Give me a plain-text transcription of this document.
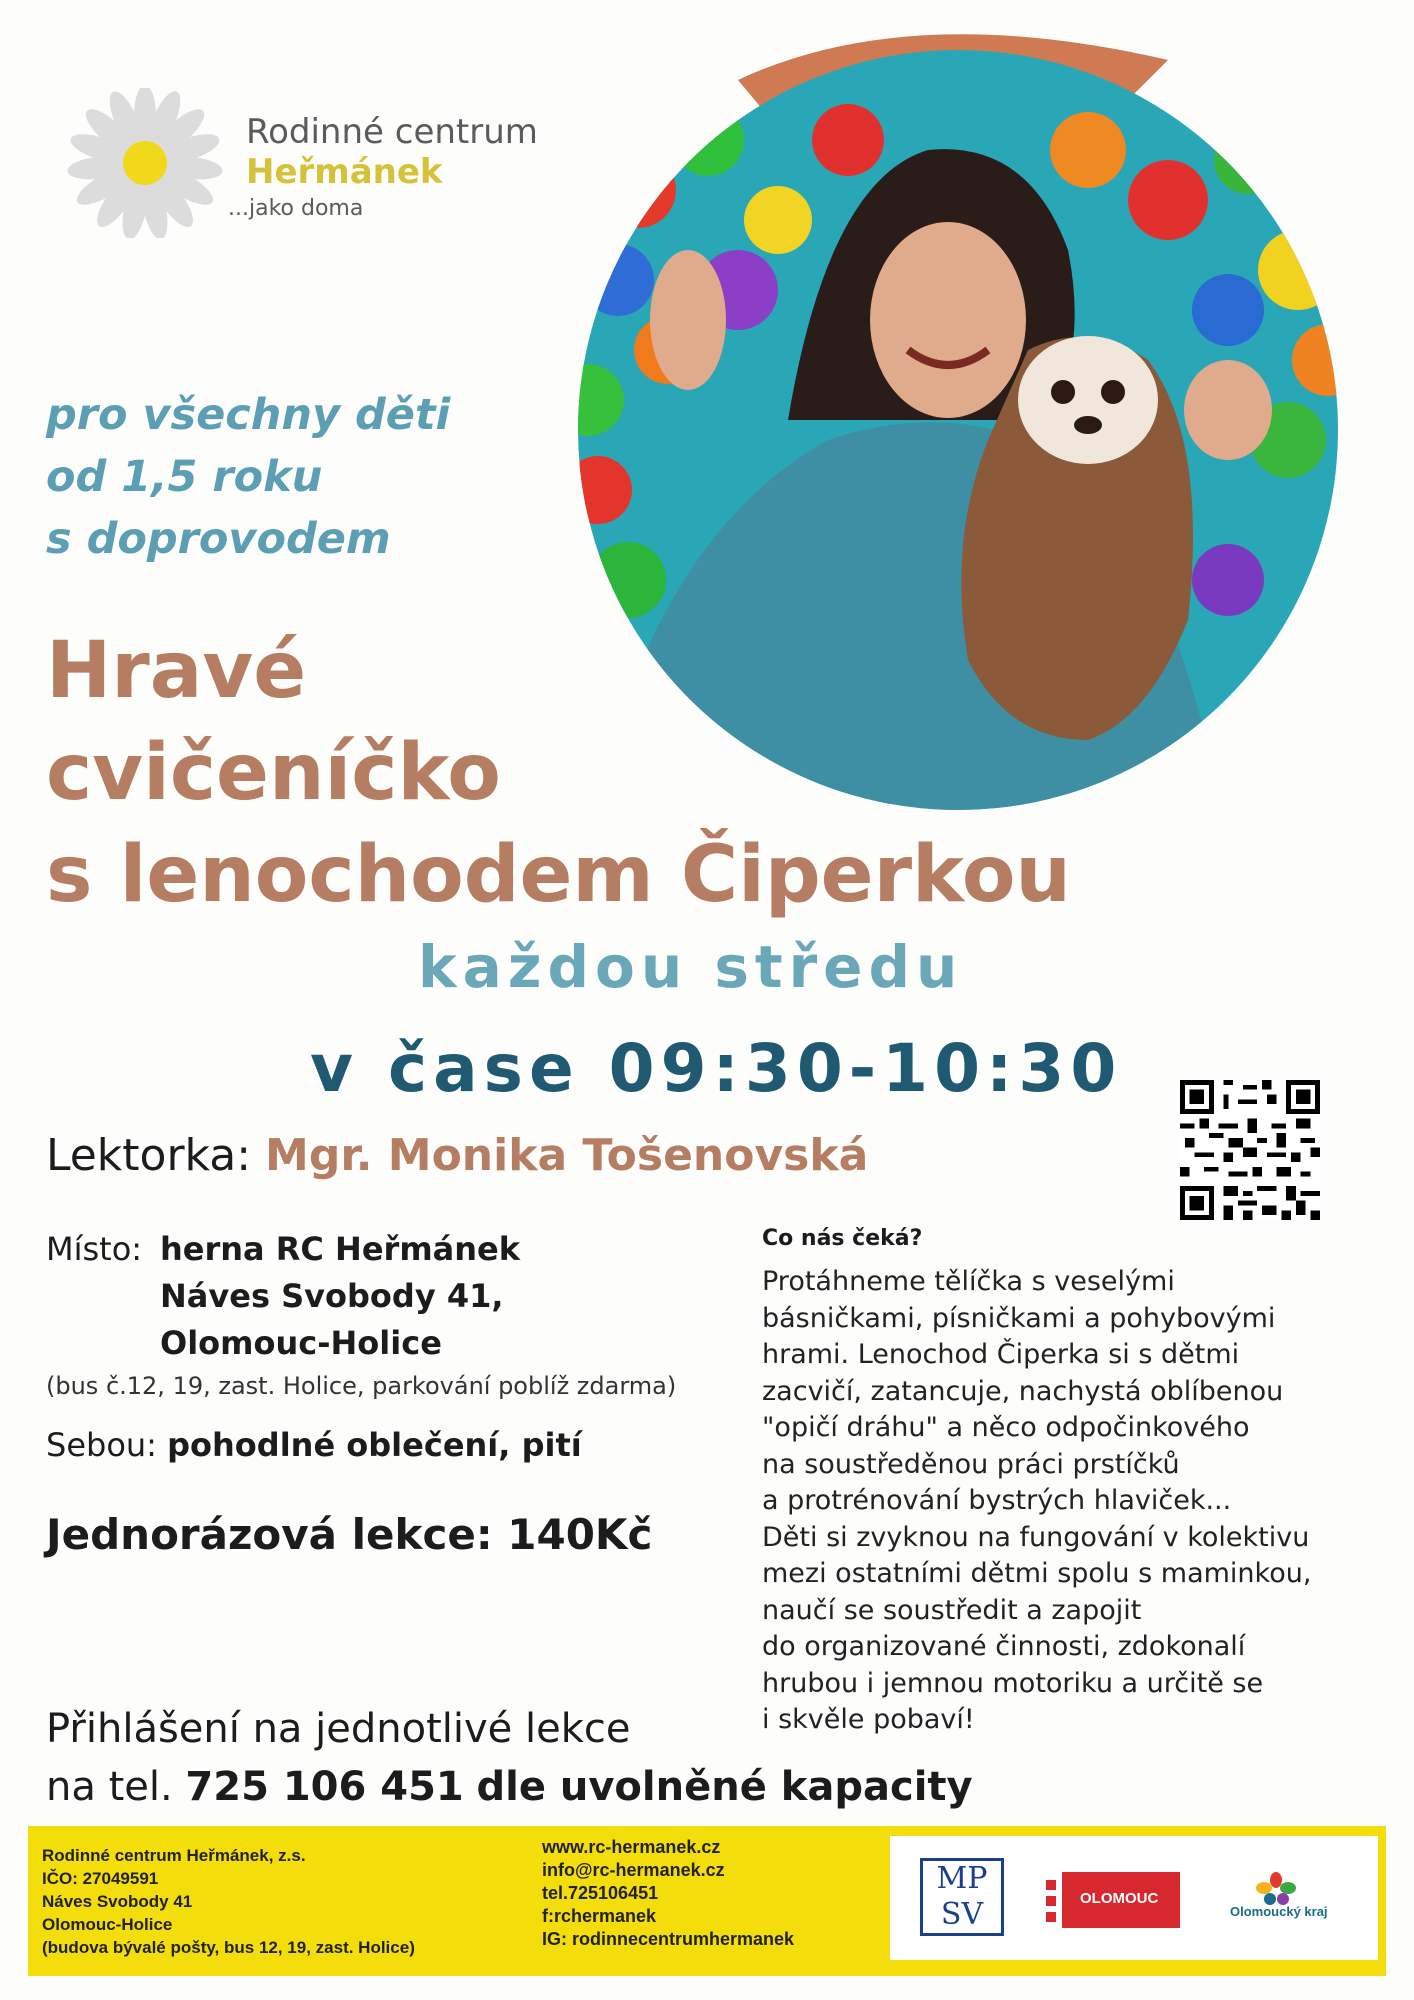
Rodinné centrum
Heřmánek
...jako doma
pro všechny děti
od 1,5 roku
s doprovodem
Hravé
cvičeníčko
s lenochodem Čiperkou
každou středu
v čase 09:30-10:30
Lektorka: Mgr. Monika Tošenovská
Místo: herna RC Heřmánek
Náves Svobody 41,
Olomouc-Holice
(bus č.12, 19, zast. Holice, parkování poblíž zdarma)
Sebou: pohodlné oblečení, pití
Jednorázová lekce: 140Kč
Co nás čeká?
Protáhneme tělíčka s veselými
básničkami, písničkami a pohybovými
hrami. Lenochod Čiperka si s dětmi
zacvičí, zatancuje, nachystá oblíbenou
"opičí dráhu" a něco odpočinkového
na soustředěnou práci prstíčků
a protrénování bystrých hlaviček...
Děti si zvyknou na fungování v kolektivu
mezi ostatními dětmi spolu s maminkou,
naučí se soustředit a zapojit
do organizované činnosti, zdokonalí
hrubou i jemnou motoriku a určitě se
i skvěle pobaví!
Přihlášení na jednotlivé lekce
na tel. 725 106 451 dle uvolněné kapacity
Rodinné centrum Heřmánek, z.s.
IČO: 27049591
Náves Svobody 41
Olomouc-Holice
(budova bývalé pošty, bus 12, 19, zast. Holice)
www.rc-hermanek.cz
info@rc-hermanek.cz
tel.725106451
f:rchermanek
IG: rodinnecentrumhermanek
MP
SV	OLOMOUC
Olomoucký kraj
